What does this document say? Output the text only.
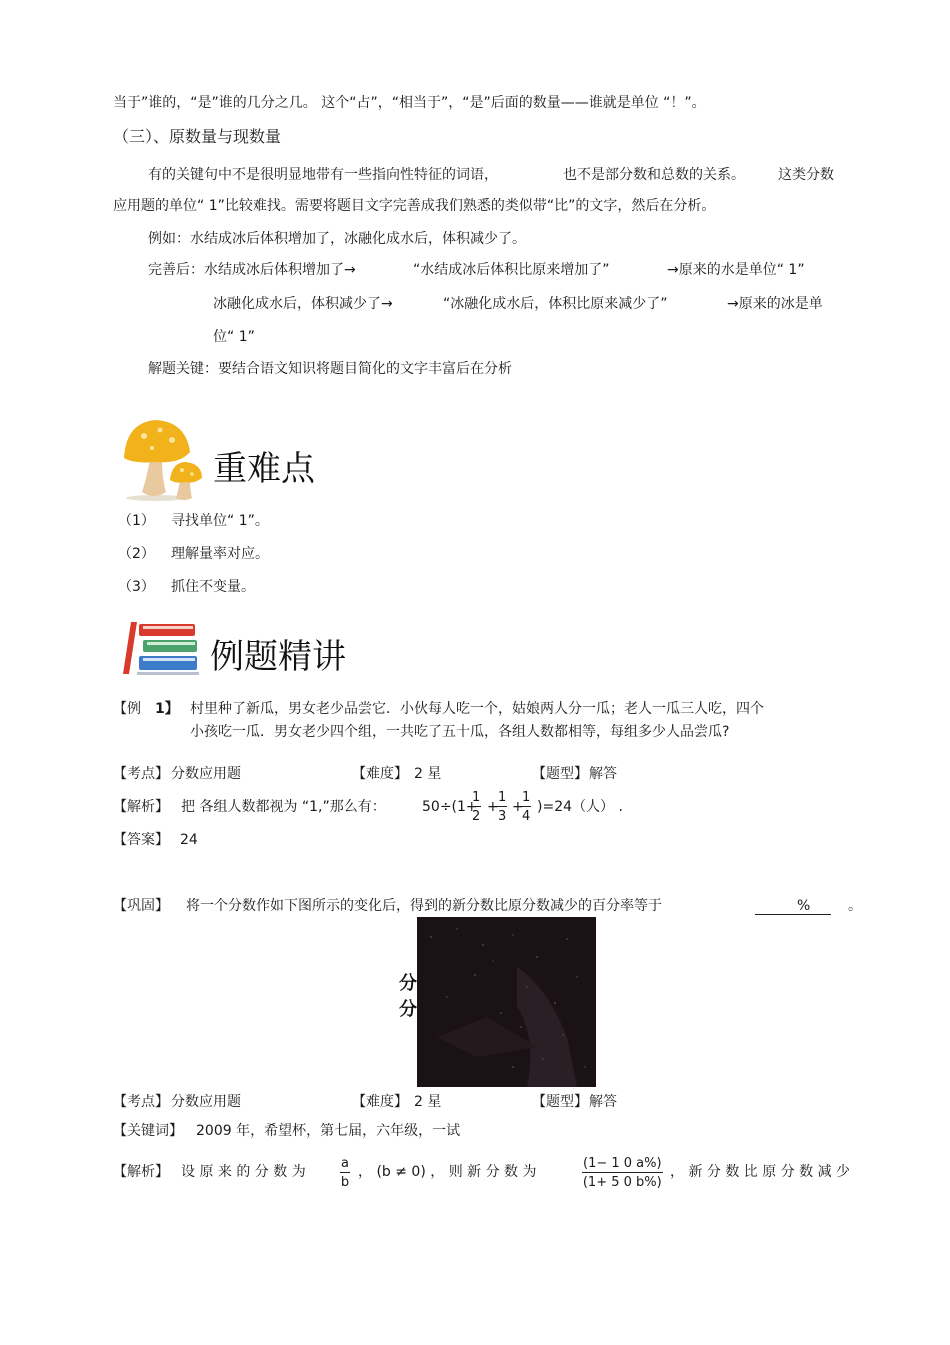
当于”谁的，“是”谁的几分之几。 这个“占”，“相当于”，“是”后面的数量——谁就是单位 “！”。
（三）、原数量与现数量
有的关键句中不是很明显地带有一些指向性特征的词语，	也不是部分数和总数的关系。 这类分数
应用题的单位“ 1”比较难找。需要将题目文字完善成我们熟悉的类似带“比”的文字，然后在分析。
例如：水结成冰后体积增加了，冰融化成水后，体积减少了。
完善后：水结成冰后体积增加了→	“水结成冰后体积比原来增加了”	→原来的水是单位“ 1”
冰融化成水后，体积减少了→	“冰融化成水后，体积比原来减少了”	→原来的冰是单
位“ 1”
解题关键：要结合语文知识将题目简化的文字丰富后在分析
重难点
（1） 寻找单位“ 1”。
（2） 理解量率对应。
（3） 抓住不变量。
例题精讲
【例 1】 村里种了新瓜，男女老少品尝它．小伙每人吃一个，姑娘两人分一瓜；老人一瓜三人吃，四个
小孩吃一瓜．男女老少四个组，一共吃了五十瓜，各组人数都相等，每组多少人品尝瓜?
【考点】 分数应用题	【难度】 2 星	【题型】 解答
【解析】 把 各组人数都视为 “1,”那么有：	50÷(1+
$\frac{1}{2}$ +
$\frac{1}{3}$ +
$\frac{1}{4} )=24$（人） .
【答案】 24
【巩固】 将一个分数作如下图所示的变化后，得到的新分数比原分数减少的百分率等于	%	。
分
分
【考点】 分数应用题	【难度】 2 星	【题型】 解答
【关键词】 2009 年，希望杯，第七届，六年级，一试
【解析】 设 原 来 的 分 数 为	$\frac{a}{b}$ ， (b ≠ 0) ， 则 新 分 数 为	$\frac{(1- 1 0 a\%)}{(1+ 5 0 b\%)}$ ， 新 分 数 比 原 分 数 减 少
